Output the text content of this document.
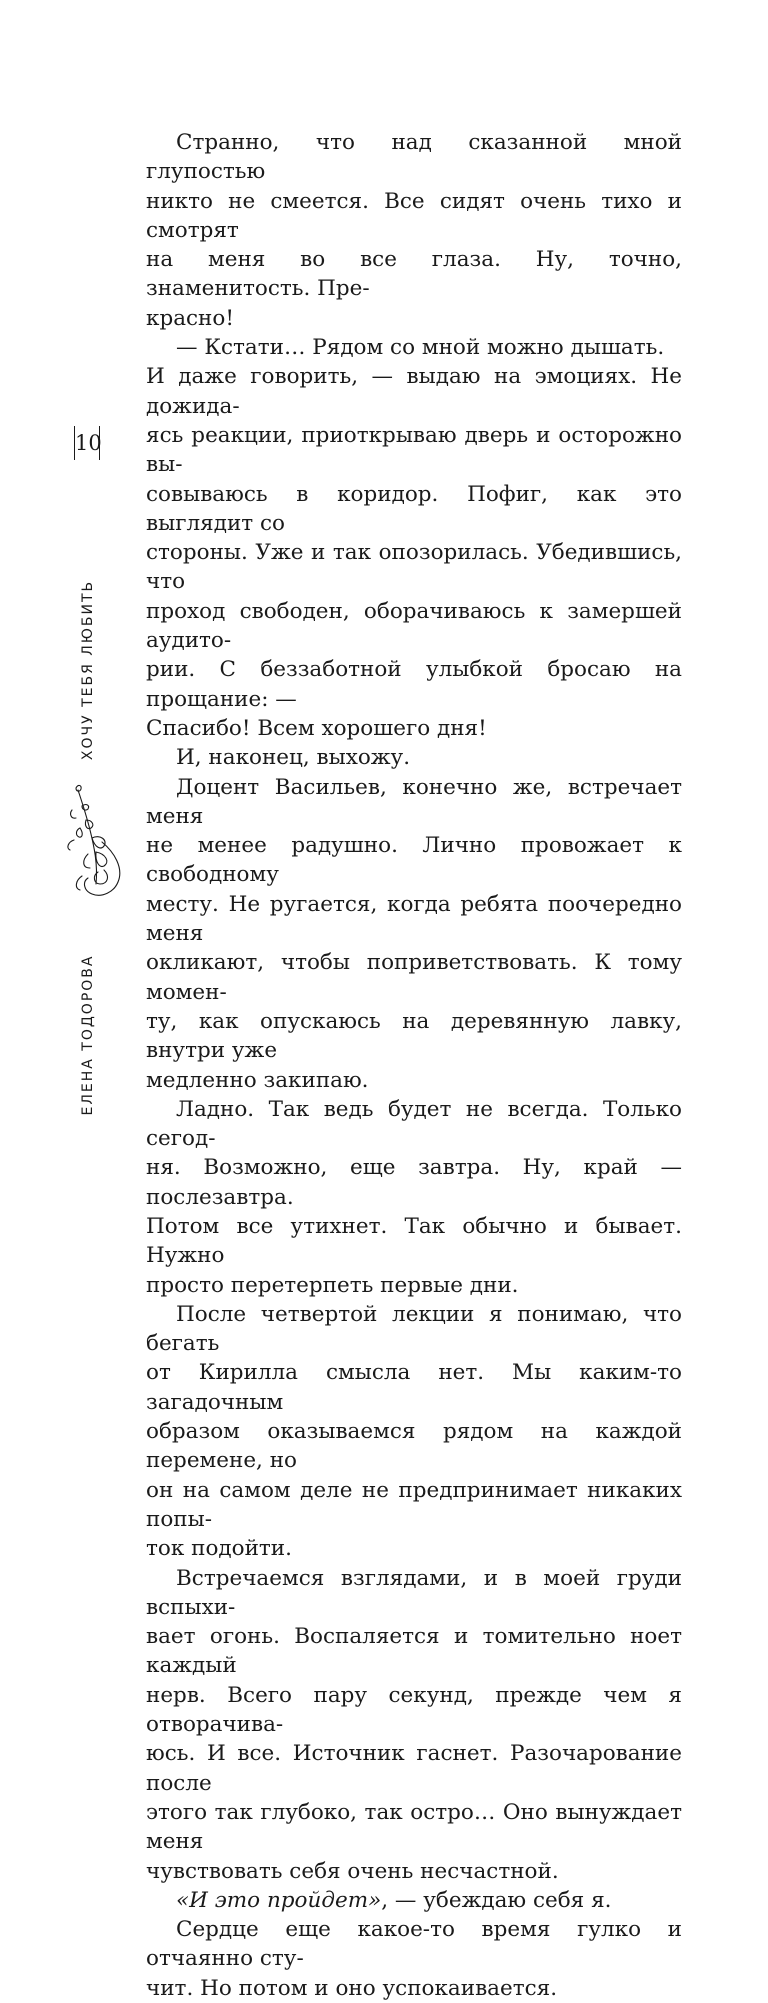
Странно, что над сказанной мной глупостью
никто не смеется. Все сидят очень тихо и смотрят
на меня во все глаза. Ну, точно, знаменитость. Пре-
красно!

— Кстати… Рядом со мной можно дышать.
И даже говорить, — выдаю на эмоциях. Не дожида-
ясь реакции, приоткрываю дверь и осторожно вы-
совываюсь в коридор. Пофиг, как это выглядит со
стороны. Уже и так опозорилась. Убедившись, что
проход свободен, оборачиваюсь к замершей аудито-
рии. С беззаботной улыбкой бросаю на прощание: —
Спасибо! Всем хорошего дня!

И, наконец, выхожу.

Доцент Васильев, конечно же, встречает меня
не менее радушно. Лично провожает к свободному
месту. Не ругается, когда ребята поочередно меня
окликают, чтобы поприветствовать. К тому момен-
ту, как опускаюсь на деревянную лавку, внутри уже
медленно закипаю.

Ладно. Так ведь будет не всегда. Только сегод-
ня. Возможно, еще завтра. Ну, край — послезавтра.
Потом все утихнет. Так обычно и бывает. Нужно
просто перетерпеть первые дни.

После четвертой лекции я понимаю, что бегать
от Кирилла смысла нет. Мы каким-то загадочным
образом оказываемся рядом на каждой перемене, но
он на самом деле не предпринимает никаких попы-
ток подойти.

Встречаемся взглядами, и в моей груди вспыхи-
вает огонь. Воспаляется и томительно ноет каждый
нерв. Всего пару секунд, прежде чем я отворачива-
юсь. И все. Источник гаснет. Разочарование после
этого так глубоко, так остро… Оно вынуждает меня
чувствовать себя очень несчастной.

«И это пройдет», — убеждаю себя я.

Сердце еще какое-то время гулко и отчаянно сту-
чит. Но потом и оно успокаивается.

10
ХОЧУ ТЕБЯ ЛЮБИТЬ
ЕЛЕНА ТОДОРОВА
